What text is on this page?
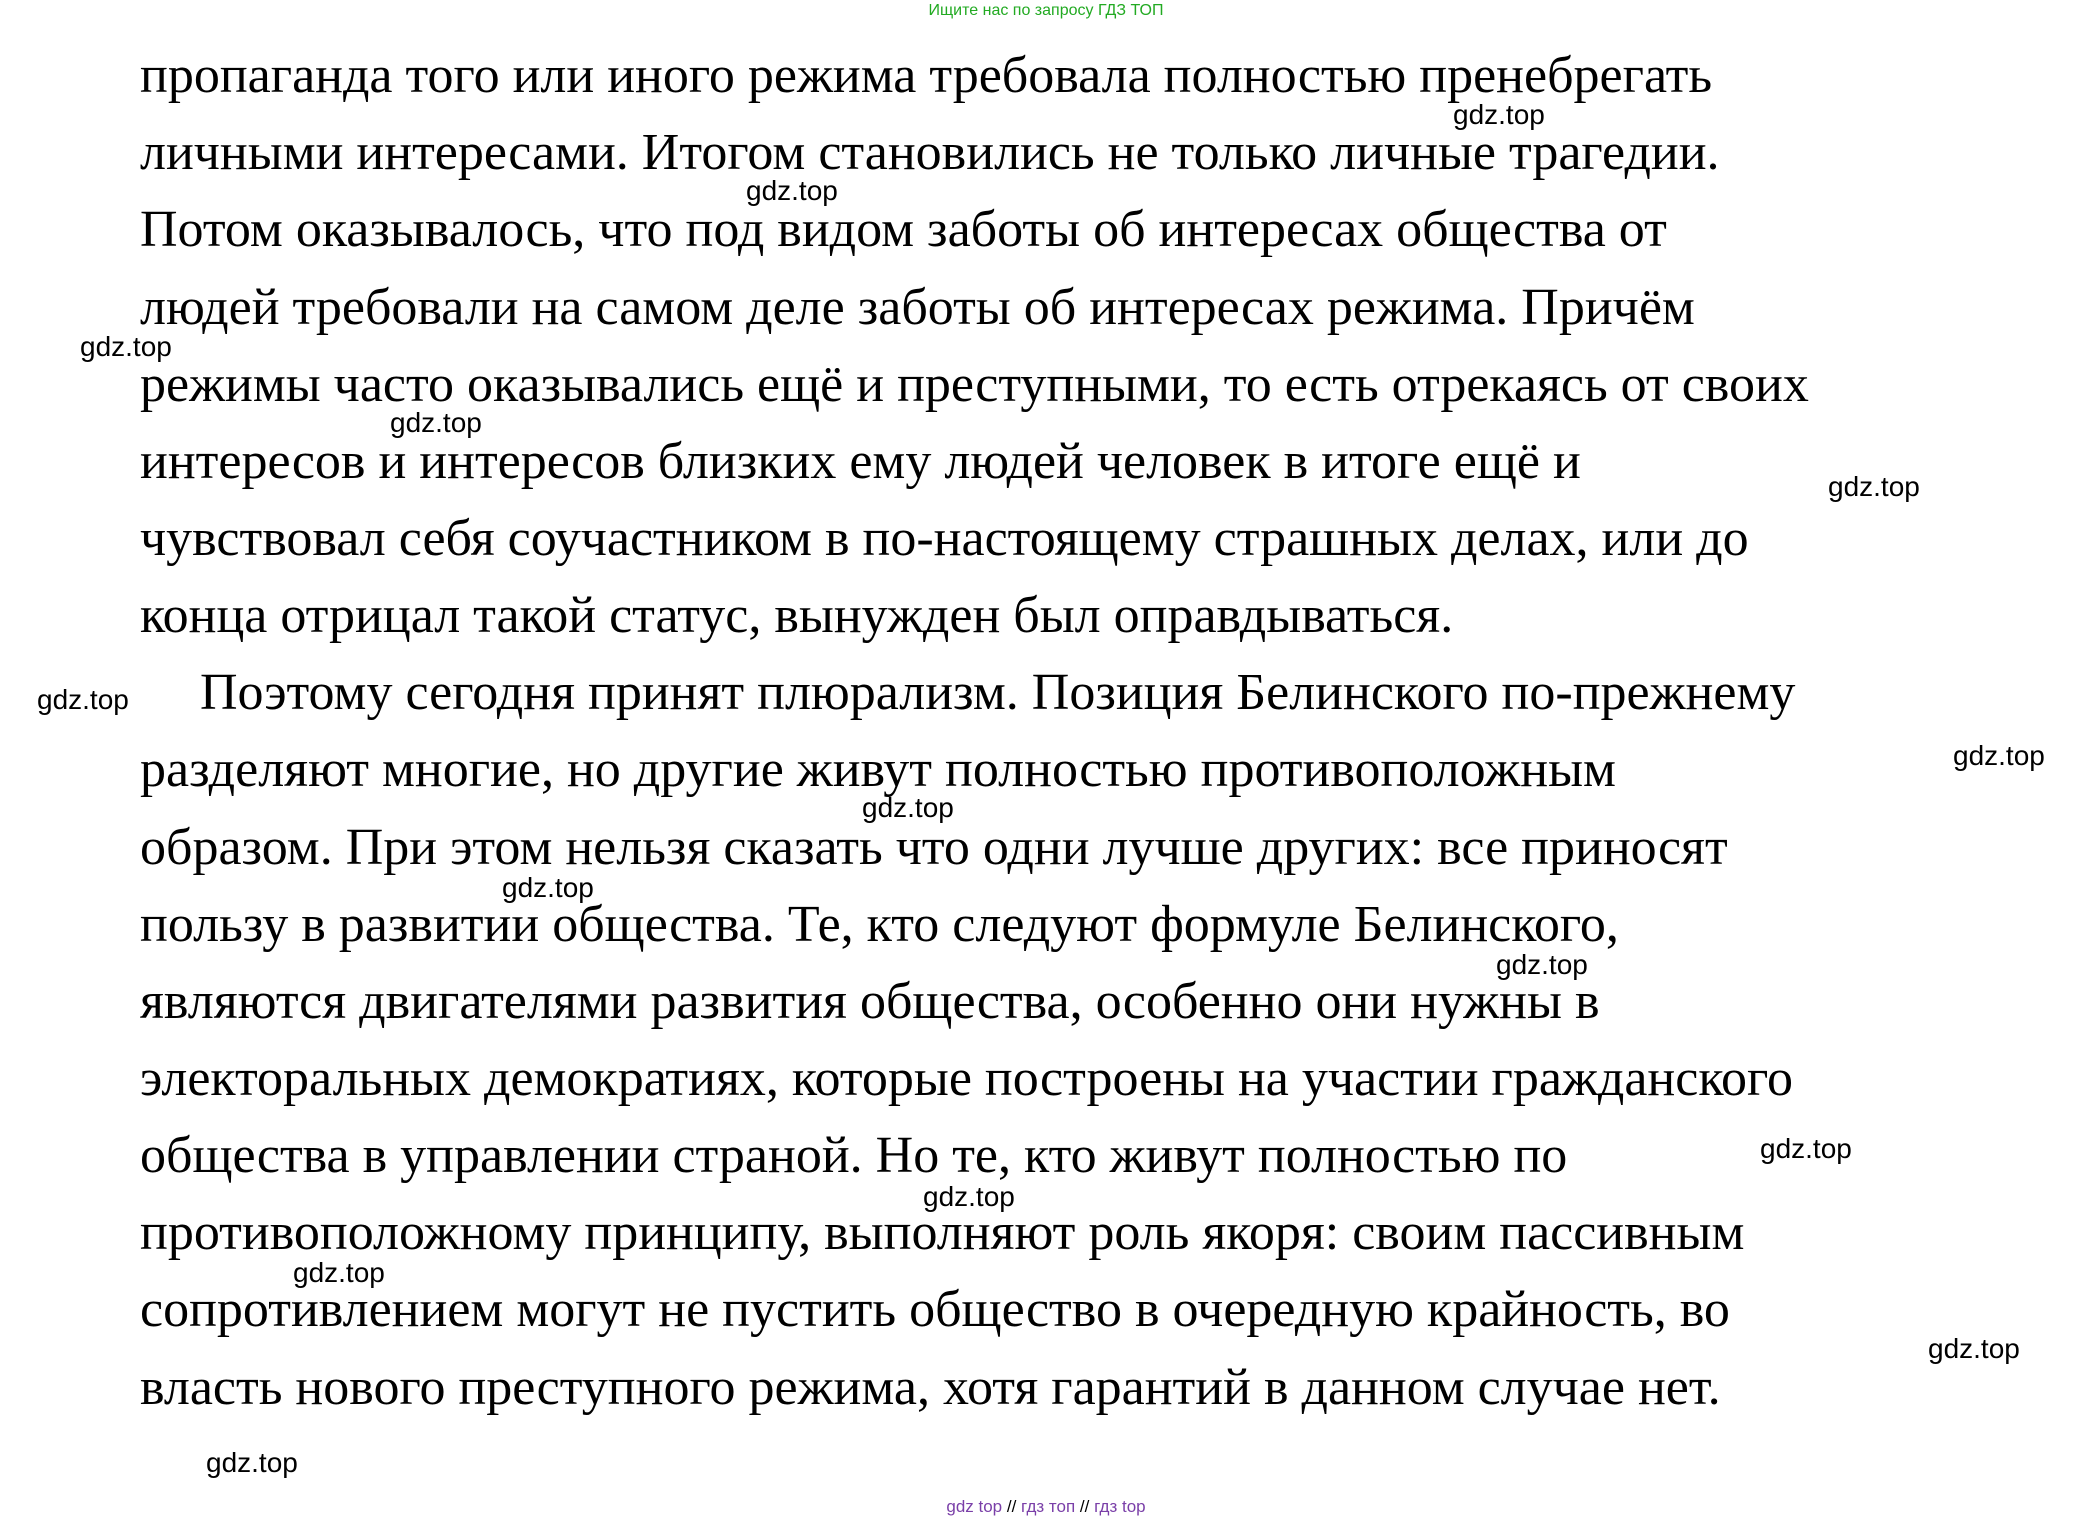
Ищите нас по запросу ГДЗ ТОП
пропаганда того или иного режима требовала полностью пренебрегать
личными интересами. Итогом становились не только личные трагедии.
Потом оказывалось, что под видом заботы об интересах общества от
людей требовали на самом деле заботы об интересах режима. Причём
режимы часто оказывались ещё и преступными, то есть отрекаясь от своих
интересов и интересов близких ему людей человек в итоге ещё и
чувствовал себя соучастником в по-настоящему страшных делах, или до
конца отрицал такой статус, вынужден был оправдываться.
Поэтому сегодня принят плюрализм. Позиция Белинского по-прежнему
разделяют многие, но другие живут полностью противоположным
образом. При этом нельзя сказать что одни лучше других: все приносят
пользу в развитии общества. Те, кто следуют формуле Белинского,
являются двигателями развития общества, особенно они нужны в
электоральных демократиях, которые построены на участии гражданского
общества в управлении страной. Но те, кто живут полностью по
противоположному принципу, выполняют роль якоря: своим пассивным
сопротивлением могут не пустить общество в очередную крайность, во
власть нового преступного режима, хотя гарантий в данном случае нет.
gdz.top
gdz.top
gdz.top
gdz.top
gdz.top
gdz.top
gdz.top
gdz.top
gdz.top
gdz.top
gdz.top
gdz.top
gdz.top
gdz.top
gdz.top
gdz top // гдз топ // гдз top
